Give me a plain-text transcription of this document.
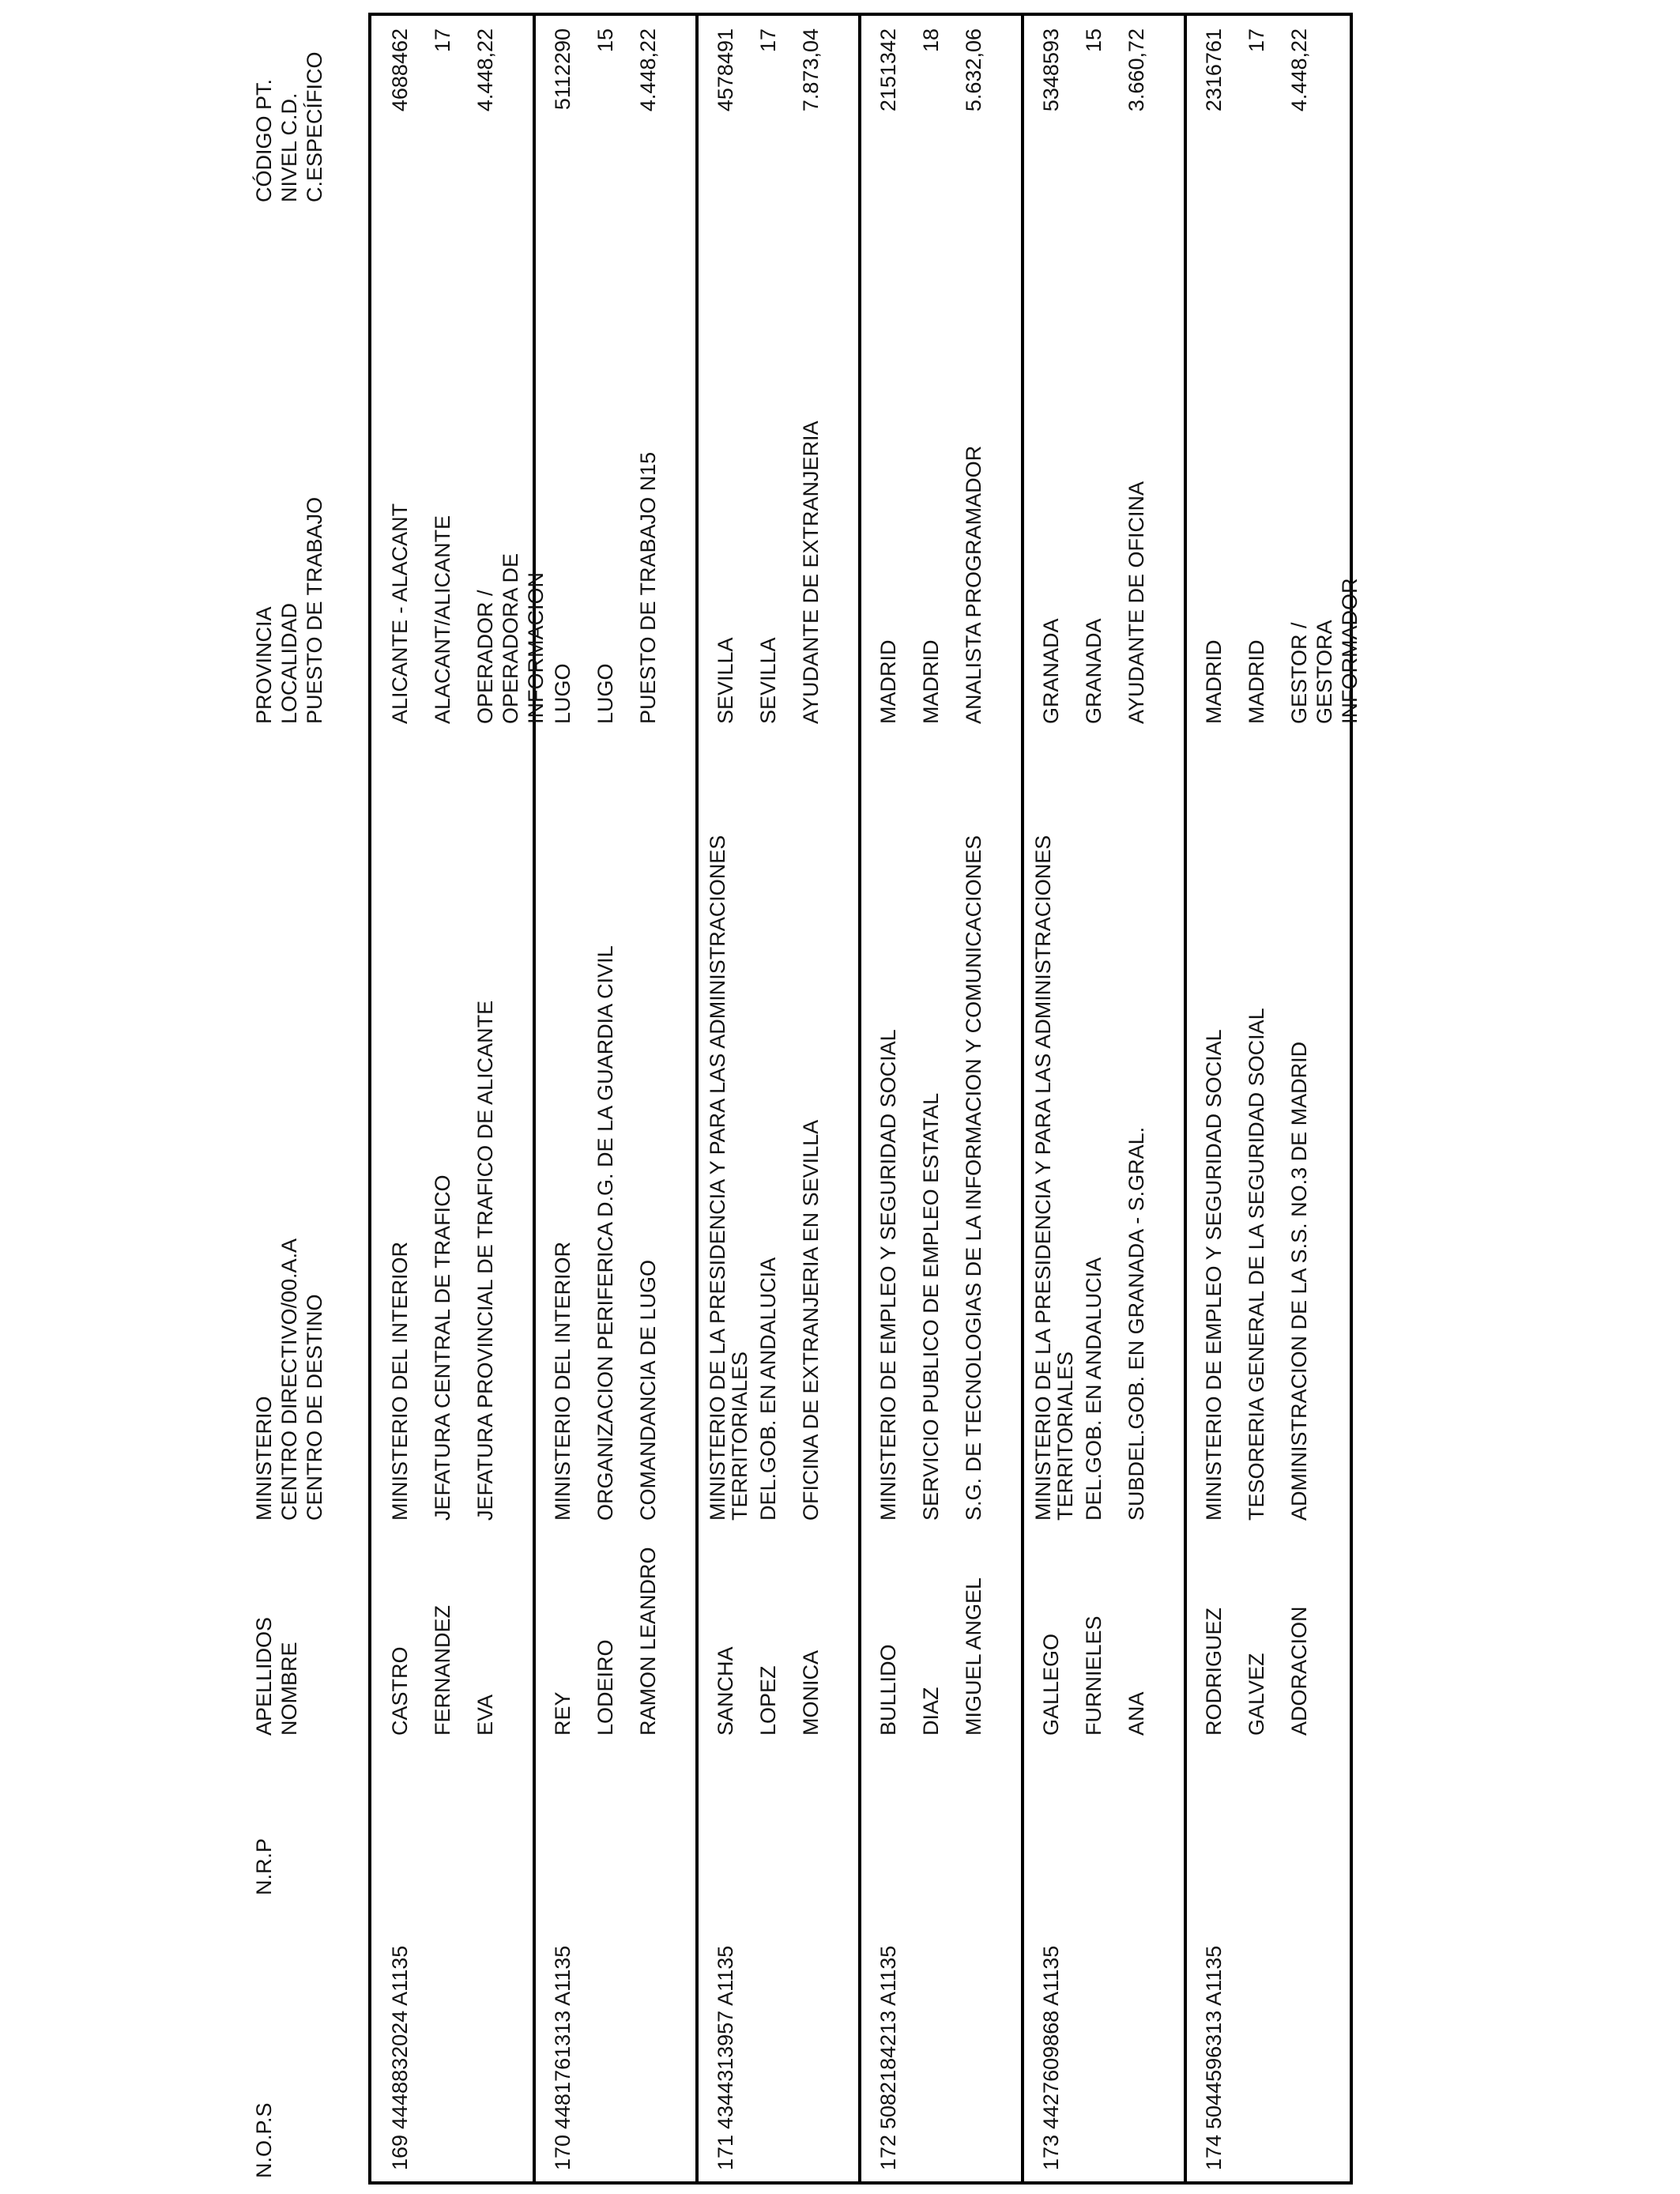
N.O.P.S
N.R.P
APELLIDOS NOMBRE
MINISTERIO CENTRO DIRECTIVO/00.A.A CENTRO DE DESTINO
PROVINCIA LOCALIDAD PUESTO DE TRABAJO
CÓDIGO PT. NIVEL C.D. C.ESPECÍFICO
169
4448832024 A1135
CASTRO FERNANDEZ EVA
MINISTERIO DEL INTERIOR JEFATURA CENTRAL DE TRAFICO JEFATURA PROVINCIAL DE TRAFICO DE ALICANTE
ALICANTE - ALACANT ALACANT/ALICANTE OPERADOR / OPERADORA DE INFORMACION
4688462 17 4.448,22
170
4481761313 A1135
REY LODEIRO RAMON LEANDRO
MINISTERIO DEL INTERIOR ORGANIZACION PERIFERICA D.G. DE LA GUARDIA CIVIL COMANDANCIA DE LUGO
LUGO LUGO PUESTO DE TRABAJO N15
5112290 15 4.448,22
171
4344313957 A1135
SANCHA LOPEZ MONICA
MINISTERIO DE LA PRESIDENCIA Y PARA LAS ADMINISTRACIONES TERRITORIALES DEL.GOB. EN ANDALUCIA OFICINA DE EXTRANJERIA EN SEVILLA
SEVILLA SEVILLA AYUDANTE DE EXTRANJERIA
4578491 17 7.873,04
172
5082184213 A1135
BULLIDO DIAZ MIGUEL ANGEL
MINISTERIO DE EMPLEO Y SEGURIDAD SOCIAL SERVICIO PUBLICO DE EMPLEO ESTATAL S.G. DE TECNOLOGIAS DE LA INFORMACION Y COMUNICACIONES
MADRID MADRID ANALISTA PROGRAMADOR
2151342 18 5.632,06
173
4427609868 A1135
GALLEGO FURNIELES ANA
MINISTERIO DE LA PRESIDENCIA Y PARA LAS ADMINISTRACIONES TERRITORIALES DEL.GOB. EN ANDALUCIA SUBDEL.GOB. EN GRANADA - S.GRAL.
GRANADA GRANADA AYUDANTE DE OFICINA
5348593 15 3.660,72
174
5044596313 A1135
RODRIGUEZ GALVEZ ADORACION
MINISTERIO DE EMPLEO Y SEGURIDAD SOCIAL TESORERIA GENERAL DE LA SEGURIDAD SOCIAL ADMINISTRACION DE LA S.S. NO.3 DE MADRID
MADRID MADRID GESTOR / GESTORA INFORMADOR
2316761 17 4.448,22
